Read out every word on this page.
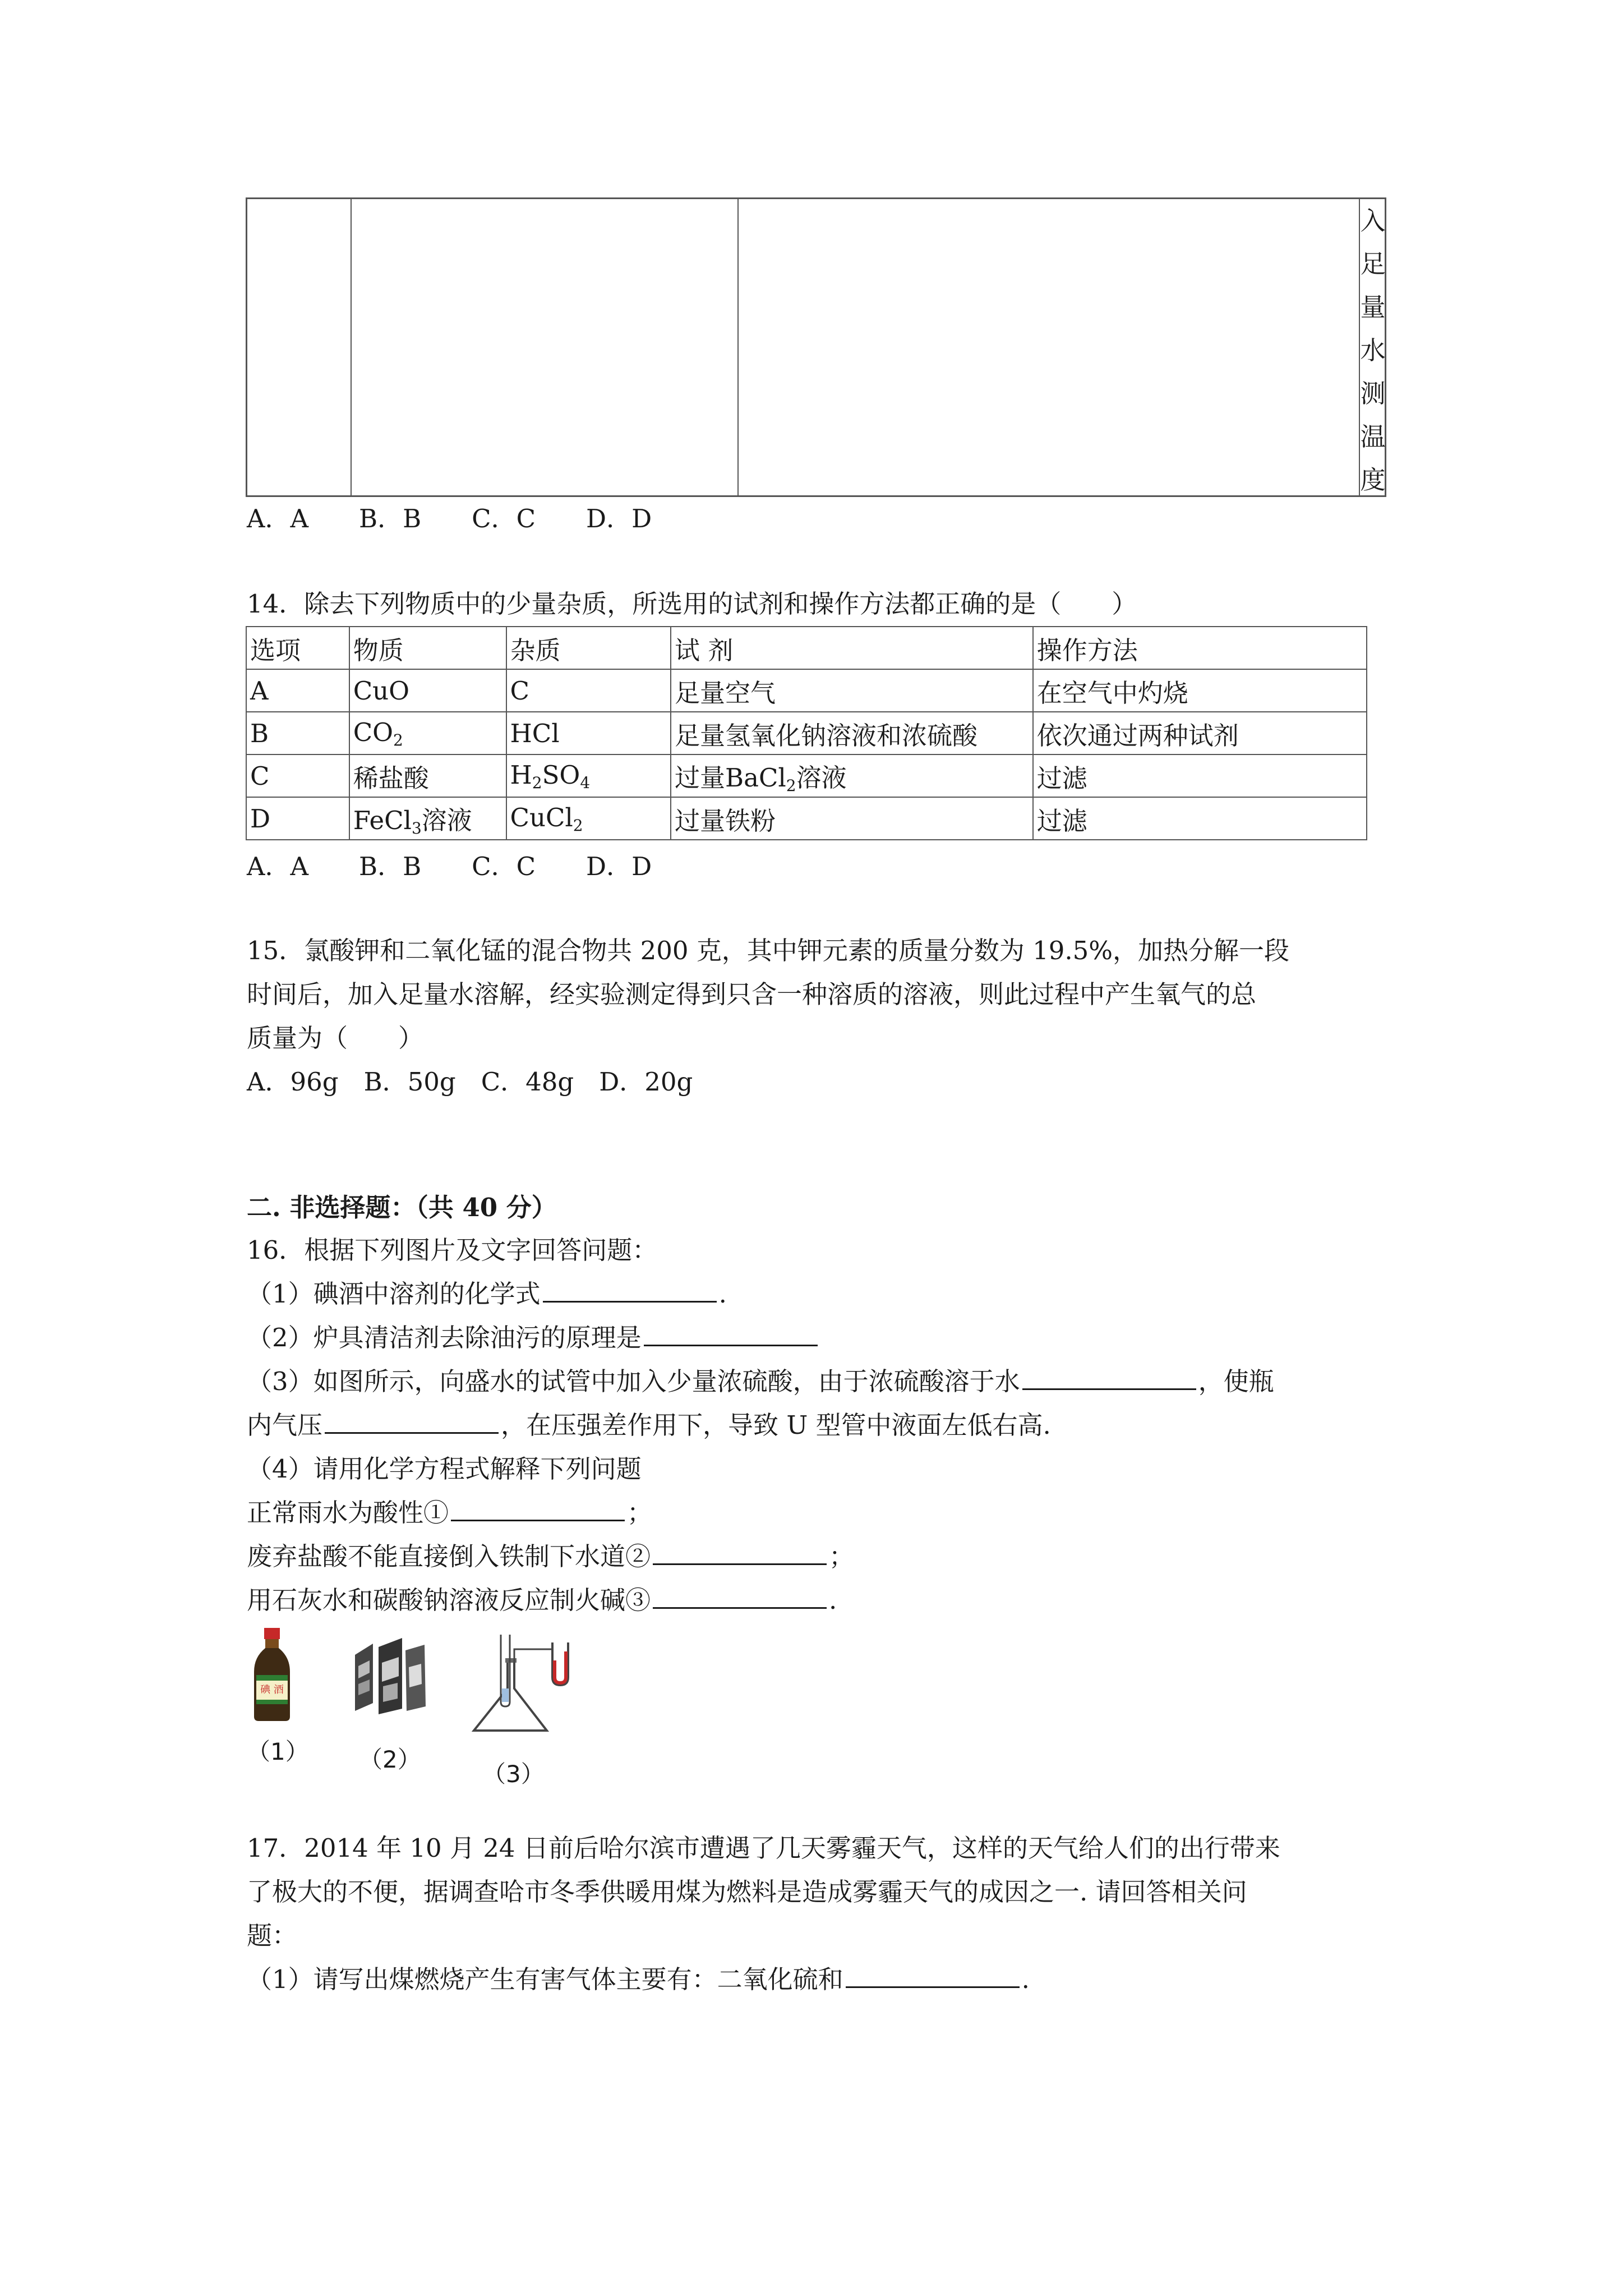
入
足
量
水
测
温
度
A．A　　B．B　　C．C　　D．D
14．除去下列物质中的少量杂质，所选用的试剂和操作方法都正确的是（　　）
选项	物质	杂质	试 剂	操作方法
A	CuO	C	足量空气	在空气中灼烧
B	$CO_2$	HCl	足量氢氧化钠溶液和浓硫酸	依次通过两种试剂
C	稀盐酸	$H_2SO_4$	过量BaCl$_2$溶液	过滤
D	FeCl$_3$溶液	CuCl$_2$	过量铁粉	过滤
A．A　　B．B　　C．C　　D．D
15．氯酸钾和二氧化锰的混合物共 200 克，其中钾元素的质量分数为 19.5%，加热分解一段
时间后，加入足量水溶解，经实验测定得到只含一种溶质的溶液，则此过程中产生氧气的总
质量为（　　）
A．96g　B．50g　C．48g　D．20g
二. 非选择题：（共 40 分）
16．根据下列图片及文字回答问题：
（1）碘酒中溶剂的化学式	.
（2）炉具清洁剂去除油污的原理是
（3）如图所示，向盛水的试管中加入少量浓硫酸，由于浓硫酸溶于水	，使瓶
内气压	，在压强差作用下，导致 U 型管中液面左低右高.
（4）请用化学方程式解释下列问题
正常雨水为酸性①	；
废弃盐酸不能直接倒入铁制下水道②	；
用石灰水和碳酸钠溶液反应制火碱③	.
碘 酒
（1） （2）
（3）
17．2014 年 10 月 24 日前后哈尔滨市遭遇了几天雾霾天气，这样的天气给人们的出行带来
了极大的不便，据调查哈市冬季供暖用煤为燃料是造成雾霾天气的成因之一. 请回答相关问
题：
（1）请写出煤燃烧产生有害气体主要有：二氧化硫和	.
